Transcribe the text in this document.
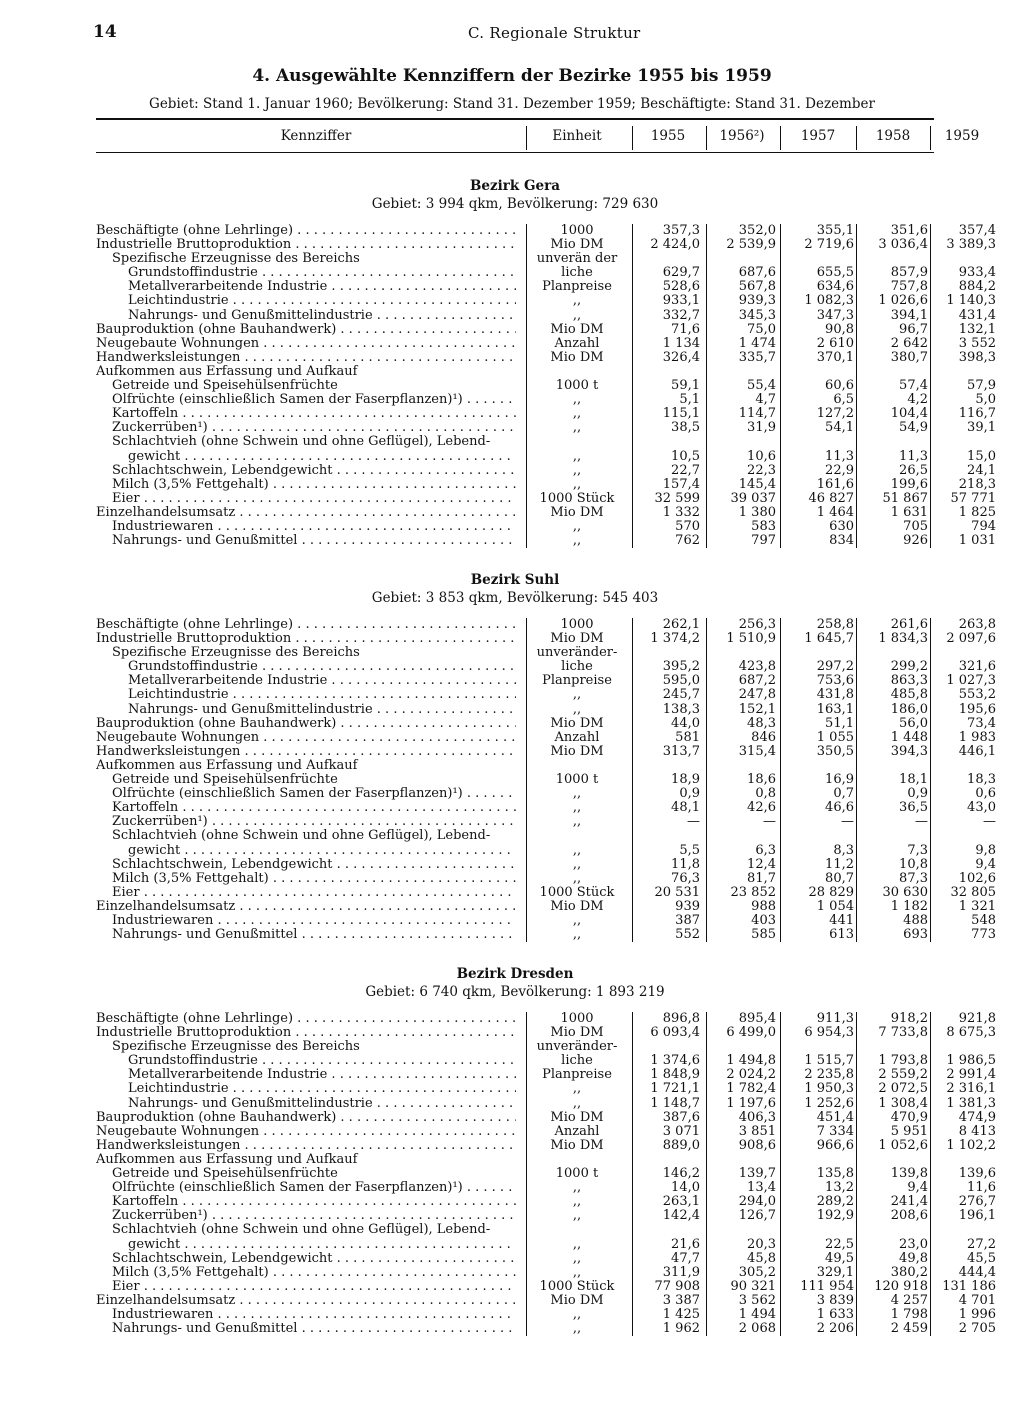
14	C. Regionale Struktur
4. Ausgewählte Kennziffern der Bezirke 1955 bis 1959
Gebiet: Stand 1. Januar 1960; Bevölkerung: Stand 31. Dezember 1959; Beschäftigte: Stand 31. Dezember
Kennziffer	Einheit	1955	1956²)	1957	1958	1959
Bezirk Gera
Gebiet: 3 994 qkm, Bevölkerung: 729 630
Beschäftigte (ohne Lehrlinge) . . .	1000	357,3	352,0	355,1	351,6	357,4
Industrielle Bruttoproduktion . . .	Mio DM	2 424,0	2 539,9	2 719,6	3 036,4	3 389,3
Spezifische Erzeugnisse des Bereichs	unverän der
Grundstoffindustrie . . .	liche	629,7	687,6	655,5	857,9	933,4
Metallverarbeitende Industrie . . .	Planpreise	528,6	567,8	634,6	757,8	884,2
Leichtindustrie . . .	,,	933,1	939,3	1 082,3	1 026,6	1 140,3
Nahrungs- und Genußmittelindustrie . . .	,,	332,7	345,3	347,3	394,1	431,4
Bauproduktion (ohne Bauhandwerk) . . .	Mio DM	71,6	75,0	90,8	96,7	132,1
Neugebaute Wohnungen . . .	Anzahl	1 134	1 474	2 610	2 642	3 552
Handwerksleistungen . . .	Mio DM	326,4	335,7	370,1	380,7	398,3
Aufkommen aus Erfassung und Aufkauf
Getreide und Speisehülsenfrüchte	1000 t	59,1	55,4	60,6	57,4	57,9
Ölfrüchte (einschließlich Samen der Faserpflanzen)¹) . . .	,,	5,1	4,7	6,5	4,2	5,0
Kartoffeln . . .	,,	115,1	114,7	127,2	104,4	116,7
Zuckerrüben¹) . . .	,,	38,5	31,9	54,1	54,9	39,1
Schlachtvieh (ohne Schwein und ohne Geflügel), Lebend-
gewicht . . .	,,	10,5	10,6	11,3	11,3	15,0
Schlachtschwein, Lebendgewicht . . .	,,	22,7	22,3	22,9	26,5	24,1
Milch (3,5% Fettgehalt) . . .	,,	157,4	145,4	161,6	199,6	218,3
Eier . . .	1000 Stück	32 599	39 037	46 827	51 867	57 771
Einzelhandelsumsatz . . .	Mio DM	1 332	1 380	1 464	1 631	1 825
Industriewaren . . .	,,	570	583	630	705	794
Nahrungs- und Genußmittel . . .	,,	762	797	834	926	1 031
Bezirk Suhl
Gebiet: 3 853 qkm, Bevölkerung: 545 403
Beschäftigte (ohne Lehrlinge) . . .	1000	262,1	256,3	258,8	261,6	263,8
Industrielle Bruttoproduktion . . .	Mio DM	1 374,2	1 510,9	1 645,7	1 834,3	2 097,6
Spezifische Erzeugnisse des Bereichs	unveränder-
Grundstoffindustrie . . .	liche	395,2	423,8	297,2	299,2	321,6
Metallverarbeitende Industrie . . .	Planpreise	595,0	687,2	753,6	863,3	1 027,3
Leichtindustrie . . .	,,	245,7	247,8	431,8	485,8	553,2
Nahrungs- und Genußmittelindustrie . . .	,,	138,3	152,1	163,1	186,0	195,6
Bauproduktion (ohne Bauhandwerk) . . .	Mio DM	44,0	48,3	51,1	56,0	73,4
Neugebaute Wohnungen . . .	Anzahl	581	846	1 055	1 448	1 983
Handwerksleistungen . . .	Mio DM	313,7	315,4	350,5	394,3	446,1
Aufkommen aus Erfassung und Aufkauf
Getreide und Speisehülsenfrüchte	1000 t	18,9	18,6	16,9	18,1	18,3
Ölfrüchte (einschließlich Samen der Faserpflanzen)¹) . . .	,,	0,9	0,8	0,7	0,9	0,6
Kartoffeln . . .	,,	48,1	42,6	46,6	36,5	43,0
Zuckerrüben¹) . . .	,,	—	—	—	—	—
Schlachtvieh (ohne Schwein und ohne Geflügel), Lebend-
gewicht . . .	,,	5,5	6,3	8,3	7,3	9,8
Schlachtschwein, Lebendgewicht . . .	,,	11,8	12,4	11,2	10,8	9,4
Milch (3,5% Fettgehalt) . . .	,,	76,3	81,7	80,7	87,3	102,6
Eier . . .	1000 Stück	20 531	23 852	28 829	30 630	32 805
Einzelhandelsumsatz . . .	Mio DM	939	988	1 054	1 182	1 321
Industriewaren . . .	,,	387	403	441	488	548
Nahrungs- und Genußmittel . . .	,,	552	585	613	693	773
Bezirk Dresden
Gebiet: 6 740 qkm, Bevölkerung: 1 893 219
Beschäftigte (ohne Lehrlinge) . . .	1000	896,8	895,4	911,3	918,2	921,8
Industrielle Bruttoproduktion . . .	Mio DM	6 093,4	6 499,0	6 954,3	7 733,8	8 675,3
Spezifische Erzeugnisse des Bereichs	unveränder-
Grundstoffindustrie . . .	liche	1 374,6	1 494,8	1 515,7	1 793,8	1 986,5
Metallverarbeitende Industrie . . .	Planpreise	1 848,9	2 024,2	2 235,8	2 559,2	2 991,4
Leichtindustrie . . .	,,	1 721,1	1 782,4	1 950,3	2 072,5	2 316,1
Nahrungs- und Genußmittelindustrie . . .	,,	1 148,7	1 197,6	1 252,6	1 308,4	1 381,3
Bauproduktion (ohne Bauhandwerk) . . .	Mio DM	387,6	406,3	451,4	470,9	474,9
Neugebaute Wohnungen . . .	Anzahl	3 071	3 851	7 334	5 951	8 413
Handwerksleistungen . . .	Mio DM	889,0	908,6	966,6	1 052,6	1 102,2
Aufkommen aus Erfassung und Aufkauf
Getreide und Speisehülsenfrüchte	1000 t	146,2	139,7	135,8	139,8	139,6
Ölfrüchte (einschließlich Samen der Faserpflanzen)¹) . . .	,,	14,0	13,4	13,2	9,4	11,6
Kartoffeln . . .	,,	263,1	294,0	289,2	241,4	276,7
Zuckerrüben¹) . . .	,,	142,4	126,7	192,9	208,6	196,1
Schlachtvieh (ohne Schwein und ohne Geflügel), Lebend-
gewicht . . .	,,	21,6	20,3	22,5	23,0	27,2
Schlachtschwein, Lebendgewicht . . .	,,	47,7	45,8	49,5	49,8	45,5
Milch (3,5% Fettgehalt) . . .	,,	311,9	305,2	329,1	380,2	444,4
Eier . . .	1000 Stück	77 908	90 321	111 954	120 918	131 186
Einzelhandelsumsatz . . .	Mio DM	3 387	3 562	3 839	4 257	4 701
Industriewaren . . .	,,	1 425	1 494	1 633	1 798	1 996
Nahrungs- und Genußmittel . . .	,,	1 962	2 068	2 206	2 459	2 705
